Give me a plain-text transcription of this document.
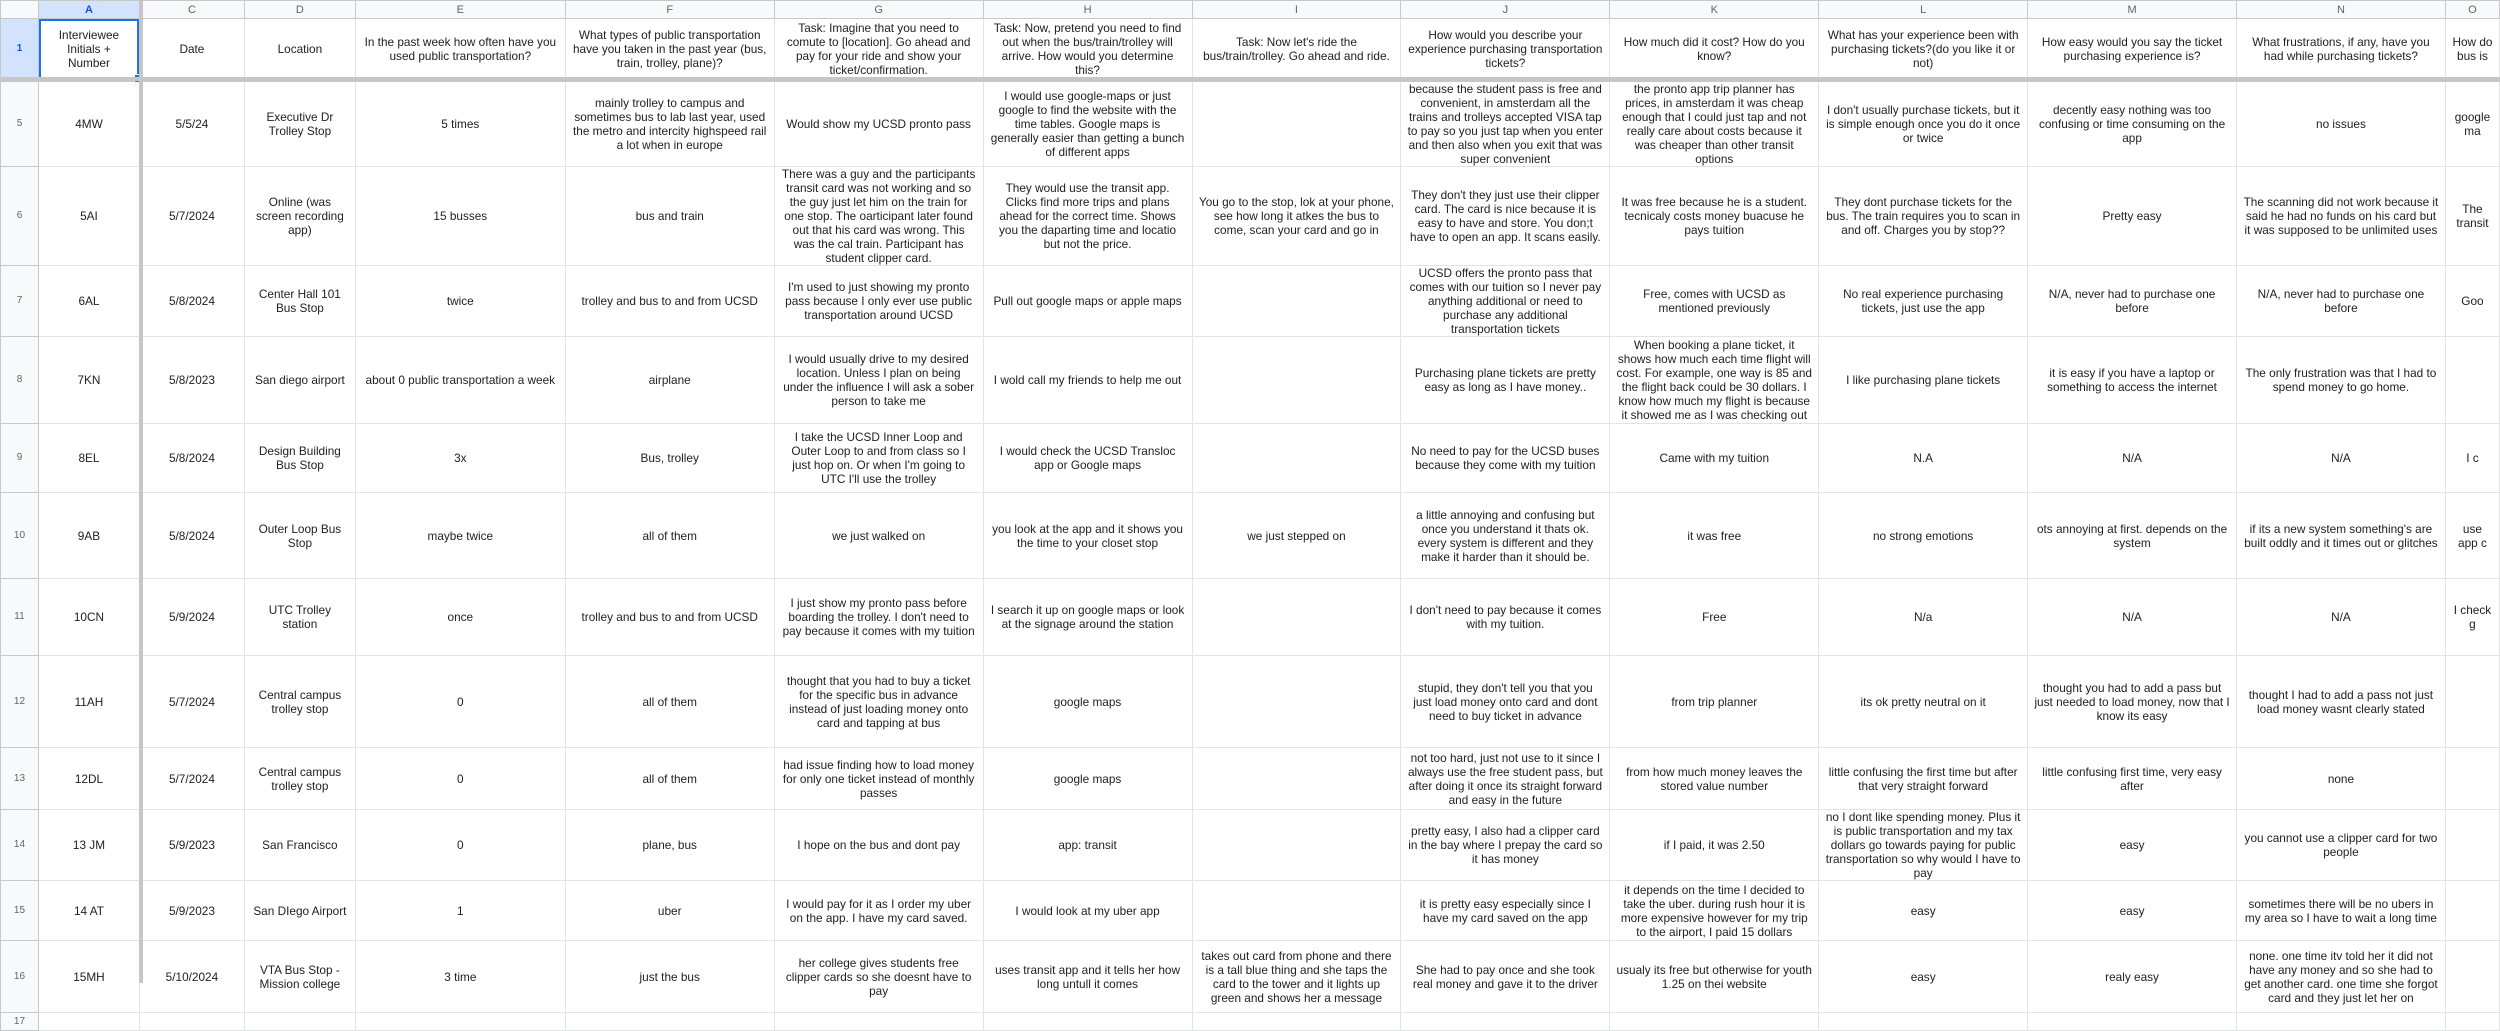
	A	C	D	E	F	G	H	I	J	K	L	M	N	O
1	Interviewee Initials + Number	Date	Location	In the past week how often have you used public transportation?	What types of public transportation have you taken in the past year (bus, train, trolley, plane)?	Task: Imagine that you need to comute to [location]. Go ahead and pay for your ride and show your ticket/confirmation.	Task: Now, pretend you need to find out when the bus/train/trolley will arrive. How would you determine this?	Task: Now let's ride the bus/train/trolley. Go ahead and ride.	How would you describe your experience purchasing transportation tickets?	How much did it cost? How do you know?	What has your experience been with purchasing tickets?(do you like it or not)	How easy would you say the ticket purchasing experience is?	What frustrations, if any, have you had while purchasing tickets?	How do bus is
5	4MW	5/5/24	Executive Dr Trolley Stop	5 times	mainly trolley to campus and sometimes bus to lab last year, used the metro and intercity highspeed rail a lot when in europe	Would show my UCSD pronto pass	I would use google-maps or just google to find the website with the time tables. Google maps is generally easier than getting a bunch of different apps		because the student pass is free and convenient, in amsterdam all the trains and trolleys accepted VISA tap to pay so you just tap when you enter and then also when you exit that was super convenient	the pronto app trip planner has prices, in amsterdam it was cheap enough that I could just tap and not really care about costs because it was cheaper than other transit options	I don't usually purchase tickets, but it is simple enough once you do it once or twice	decently easy nothing was too confusing or time consuming on the app	no issues	google ma
6	5AI	5/7/2024	Online (was screen recording app)	15 busses	bus and train	There was a guy and the participants transit card was not working and so the guy just let him on the train for one stop. The oarticipant later found out that his card was wrong. This was the cal train. Participant has student clipper card.	They would use the transit app. Clicks find more trips and plans ahead for the correct time. Shows you the daparting time and locatio but not the price.	You go to the stop, lok at your phone, see how long it atkes the bus to come, scan your card and go in	They don't they just use their clipper card. The card is nice because it is easy to have and store. You don;t have to open an app. It scans easily.	It was free because he is a student. tecnicaly costs money buacuse he pays tuition	They dont purchase tickets for the bus. The train requires you to scan in and off. Charges you by stop??	Pretty easy	The scanning did not work because it said he had no funds on his card but it was supposed to be unlimited uses	The transit
7	6AL	5/8/2024	Center Hall 101 Bus Stop	twice	trolley and bus to and from UCSD	I'm used to just showing my pronto pass because I only ever use public transportation around UCSD	Pull out google maps or apple maps		UCSD offers the pronto pass that comes with our tuition so I never pay anything additional or need to purchase any additional transportation tickets	Free, comes with UCSD as mentioned previously	No real experience purchasing tickets, just use the app	N/A, never had to purchase one before	N/A, never had to purchase one before	Goo
8	7KN	5/8/2023	San diego airport	about 0 public transportation a week	airplane	I would usually drive to my desired location. Unless I plan on being under the influence I will ask a sober person to take me	I wold call my friends to help me out		Purchasing plane tickets are pretty easy as long as I have money..	When booking a plane ticket, it shows how much each time flight will cost. For example, one way is 85 and the flight back could be 30 dollars. I know how much my flight is because it showed me as I was checking out	I like purchasing plane tickets	it is easy if you have a laptop or something to access the internet	The only frustration was that I had to spend money to go home.	
9	8EL	5/8/2024	Design Building Bus Stop	3x	Bus, trolley	I take the UCSD Inner Loop and Outer Loop to and from class so I just hop on. Or when I'm going to UTC I'll use the trolley	I would check the UCSD Transloc app or Google maps		No need to pay for the UCSD buses because they come with my tuition	Came with my tuition	N.A	N/A	N/A	I c
10	9AB	5/8/2024	Outer Loop Bus Stop	maybe twice	all of them	we just walked on	you look at the app and it shows you the time to your closet stop	we just stepped on	a little annoying and confusing but once you understand it thats ok. every system is different and they make it harder than it should be.	it was free	no strong emotions	ots annoying at first. depends on the system	if its a new system something's are built oddly and it times out or glitches	use app c
11	10CN	5/9/2024	UTC Trolley station	once	trolley and bus to and from UCSD	I just show my pronto pass before boarding the trolley. I don't need to pay because it comes with my tuition	I search it up on google maps or look at the signage around the station		I don't need to pay because it comes with my tuition.	Free	N/a	N/A	N/A	I check g
12	11AH	5/7/2024	Central campus trolley stop	0	all of them	thought that you had to buy a ticket for the specific bus in advance instead of just loading money onto card and tapping at bus	google maps		stupid, they don't tell you that you just load money onto card and dont need to buy ticket in advance	from trip planner	its ok pretty neutral on it	thought you had to add a pass but just needed to load money, now that I know its easy	thought I had to add a pass not just load money wasnt clearly stated	
13	12DL	5/7/2024	Central campus trolley stop	0	all of them	had issue finding how to load money for only one ticket instead of monthly passes	google maps		not too hard, just not use to it since I always use the free student pass, but after doing it once its straight forward and easy in the future	from how much money leaves the stored value number	little confusing the first time but after that very straight forward	little confusing first time, very easy after	none	
14	13 JM	5/9/2023	San Francisco	0	plane, bus	I hope on the bus and dont pay	app: transit		pretty easy, I also had a clipper card in the bay where I prepay the card so it has money	if I paid, it was 2.50	no I dont like spending money. Plus it is public transportation and my tax dollars go towards paying for public transportation so why would I have to pay	easy	you cannot use a clipper card for two people	
15	14 AT	5/9/2023	San DIego Airport	1	uber	I would pay for it as I order my uber on the app. I have my card saved.	I would look at my uber app		it is pretty easy especially since I have my card saved on the app	it depends on the time I decided to take the uber. during rush hour it is more expensive however for my trip to the airport, I paid 15 dollars	easy	easy	sometimes there will be no ubers in my area so I have to wait a long time	
16	15MH	5/10/2024	VTA Bus Stop - Mission college	3 time	just the bus	her college gives students free clipper cards so she doesnt have to pay	uses transit app and it tells her how long untull it comes	takes out card from phone and there is a tall blue thing and she taps the card to the tower and it lights up green and shows her a message	She had to pay once and she took real money and gave it to the driver	usualy its free but otherwise for youth 1.25 on thei website	easy	realy easy	none. one time itv told her it did not have any money and so she had to get another card. one time she forgot card and they just let her on	
17														
